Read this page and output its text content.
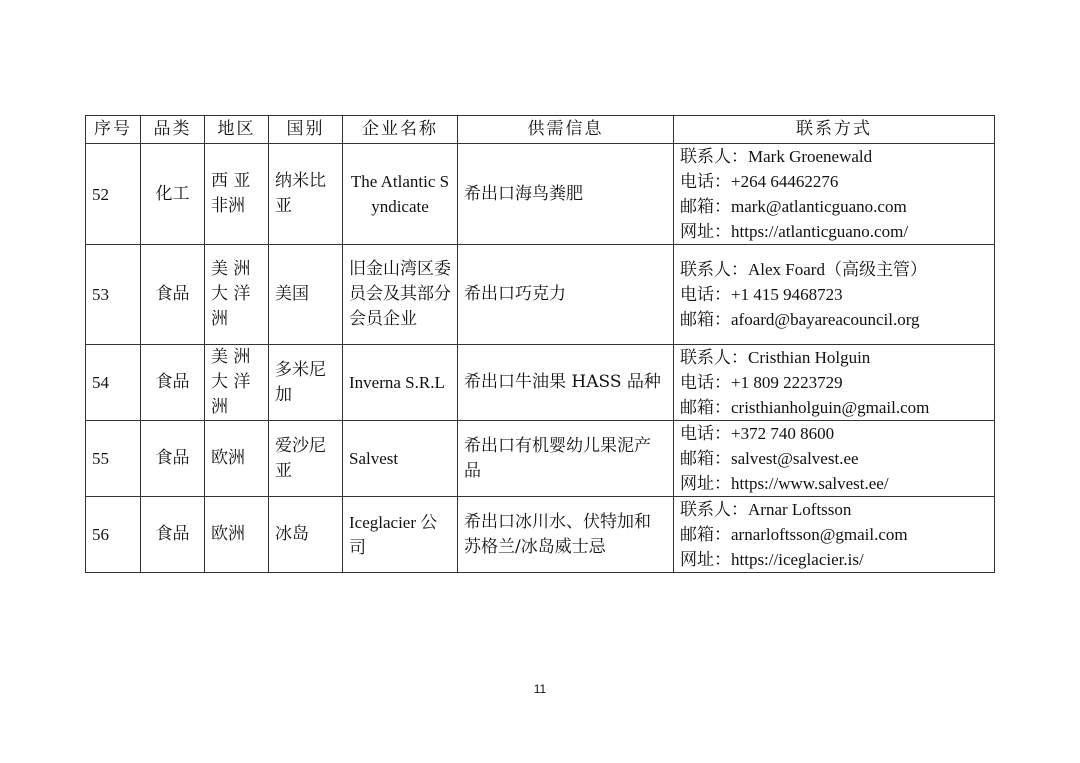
序号	品类	地区	国别	企业名称	供需信息	联系方式
52	化工	西 亚 非洲	纳米比亚	The Atlantic Syndicate	希出口海鸟粪肥	联系人：Mark Groenewald
电话：+264 64462276
邮箱：mark@atlanticguano.com
网址：https://atlanticguano.com/

53	食品	美 洲 大 洋 洲	美国	旧金山湾区委员会及其部分会员企业	希出口巧克力	联系人：Alex Foard（高级主管）
电话：+1 415 9468723
邮箱：afoard@bayareacouncil.org

54	食品	美 洲 大 洋 洲	多米尼加	Inverna S.R.L	希出口牛油果 HASS 品种	联系人：Cristhian Holguin
电话：+1 809 2223729
邮箱：cristhianholguin@gmail.com

55	食品	欧洲	爱沙尼亚	Salvest	希出口有机婴幼儿果泥产品	电话：+372 740 8600
邮箱：salvest@salvest.ee
网址：https://www.salvest.ee/

56	食品	欧洲	冰岛	Iceglacier 公司	希出口冰川水、伏特加和苏格兰/冰岛威士忌	联系人：Arnar Loftsson
邮箱：arnarloftsson@gmail.com
网址：https://iceglacier.is/
11
